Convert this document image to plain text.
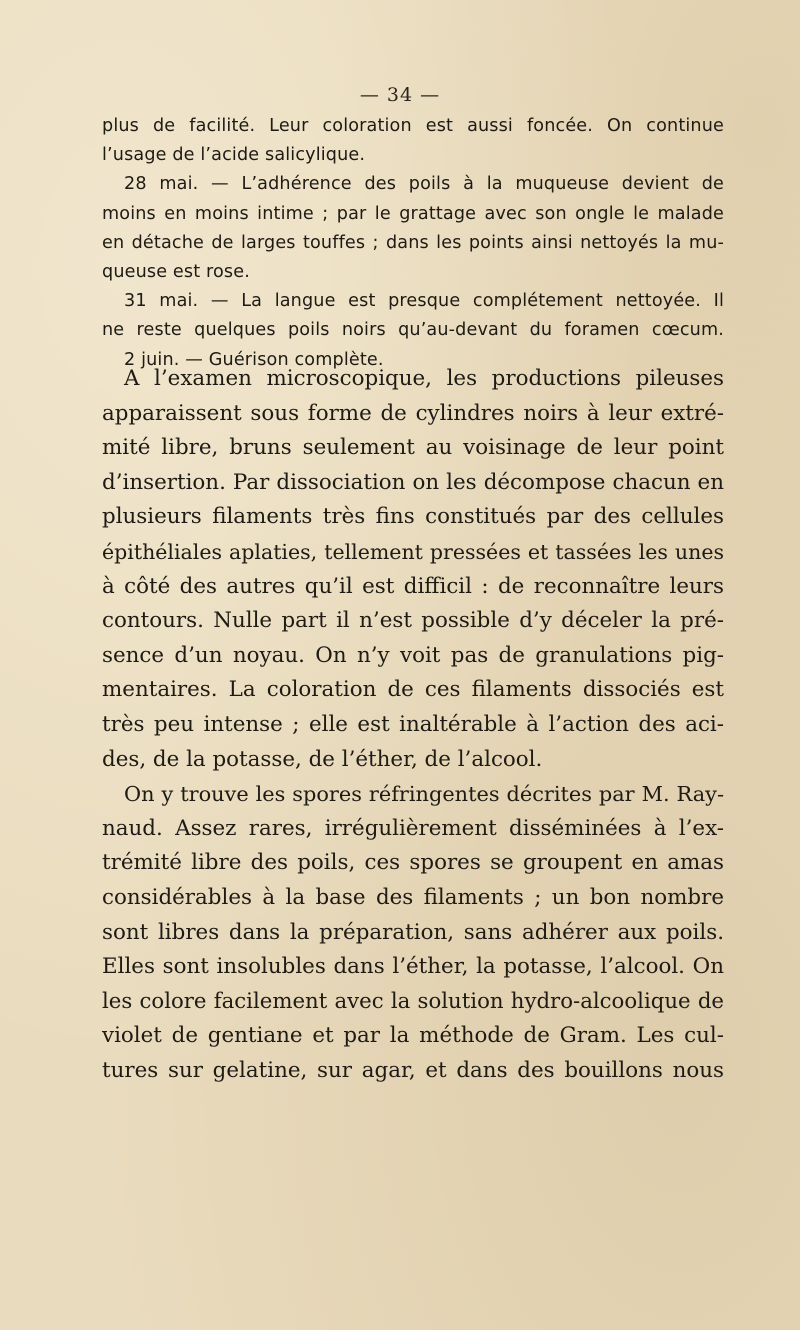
— 34 —
plus de facilité. Leur coloration est aussi foncée. On continue
l’usage de l’acide salicylique.
28 mai. — L’adhérence des poils à la muqueuse devient de
moins en moins intime ; par le grattage avec son ongle le malade
en détache de larges touffes ; dans les points ainsi nettoyés la mu-
queuse est rose.
31 mai. — La langue est presque complétement nettoyée. Il
ne reste quelques poils noirs qu’au-devant du foramen cœcum.
2 juin. — Guérison complète.
A l’examen microscopique, les productions pileuses
apparaissent sous forme de cylindres noirs à leur extré-
mité libre, bruns seulement au voisinage de leur point
d’insertion. Par dissociation on les décompose chacun en
plusieurs filaments très fins constitués par des cellules
épithéliales aplaties, tellement pressées et tassées les unes
à côté des autres qu’il est difficil : de reconnaître leurs
contours. Nulle part il n’est possible d’y déceler la pré-
sence d’un noyau. On n’y voit pas de granulations pig-
mentaires. La coloration de ces filaments dissociés est
très peu intense ; elle est inaltérable à l’action des aci-
des, de la potasse, de l’éther, de l’alcool.
On y trouve les spores réfringentes décrites par M. Ray-
naud. Assez rares, irrégulièrement disséminées à l’ex-
trémité libre des poils, ces spores se groupent en amas
considérables à la base des filaments ; un bon nombre
sont libres dans la préparation, sans adhérer aux poils.
Elles sont insolubles dans l’éther, la potasse, l’alcool. On
les colore facilement avec la solution hydro-alcoolique de
violet de gentiane et par la méthode de Gram. Les cul-
tures sur gelatine, sur agar, et dans des bouillons nous
